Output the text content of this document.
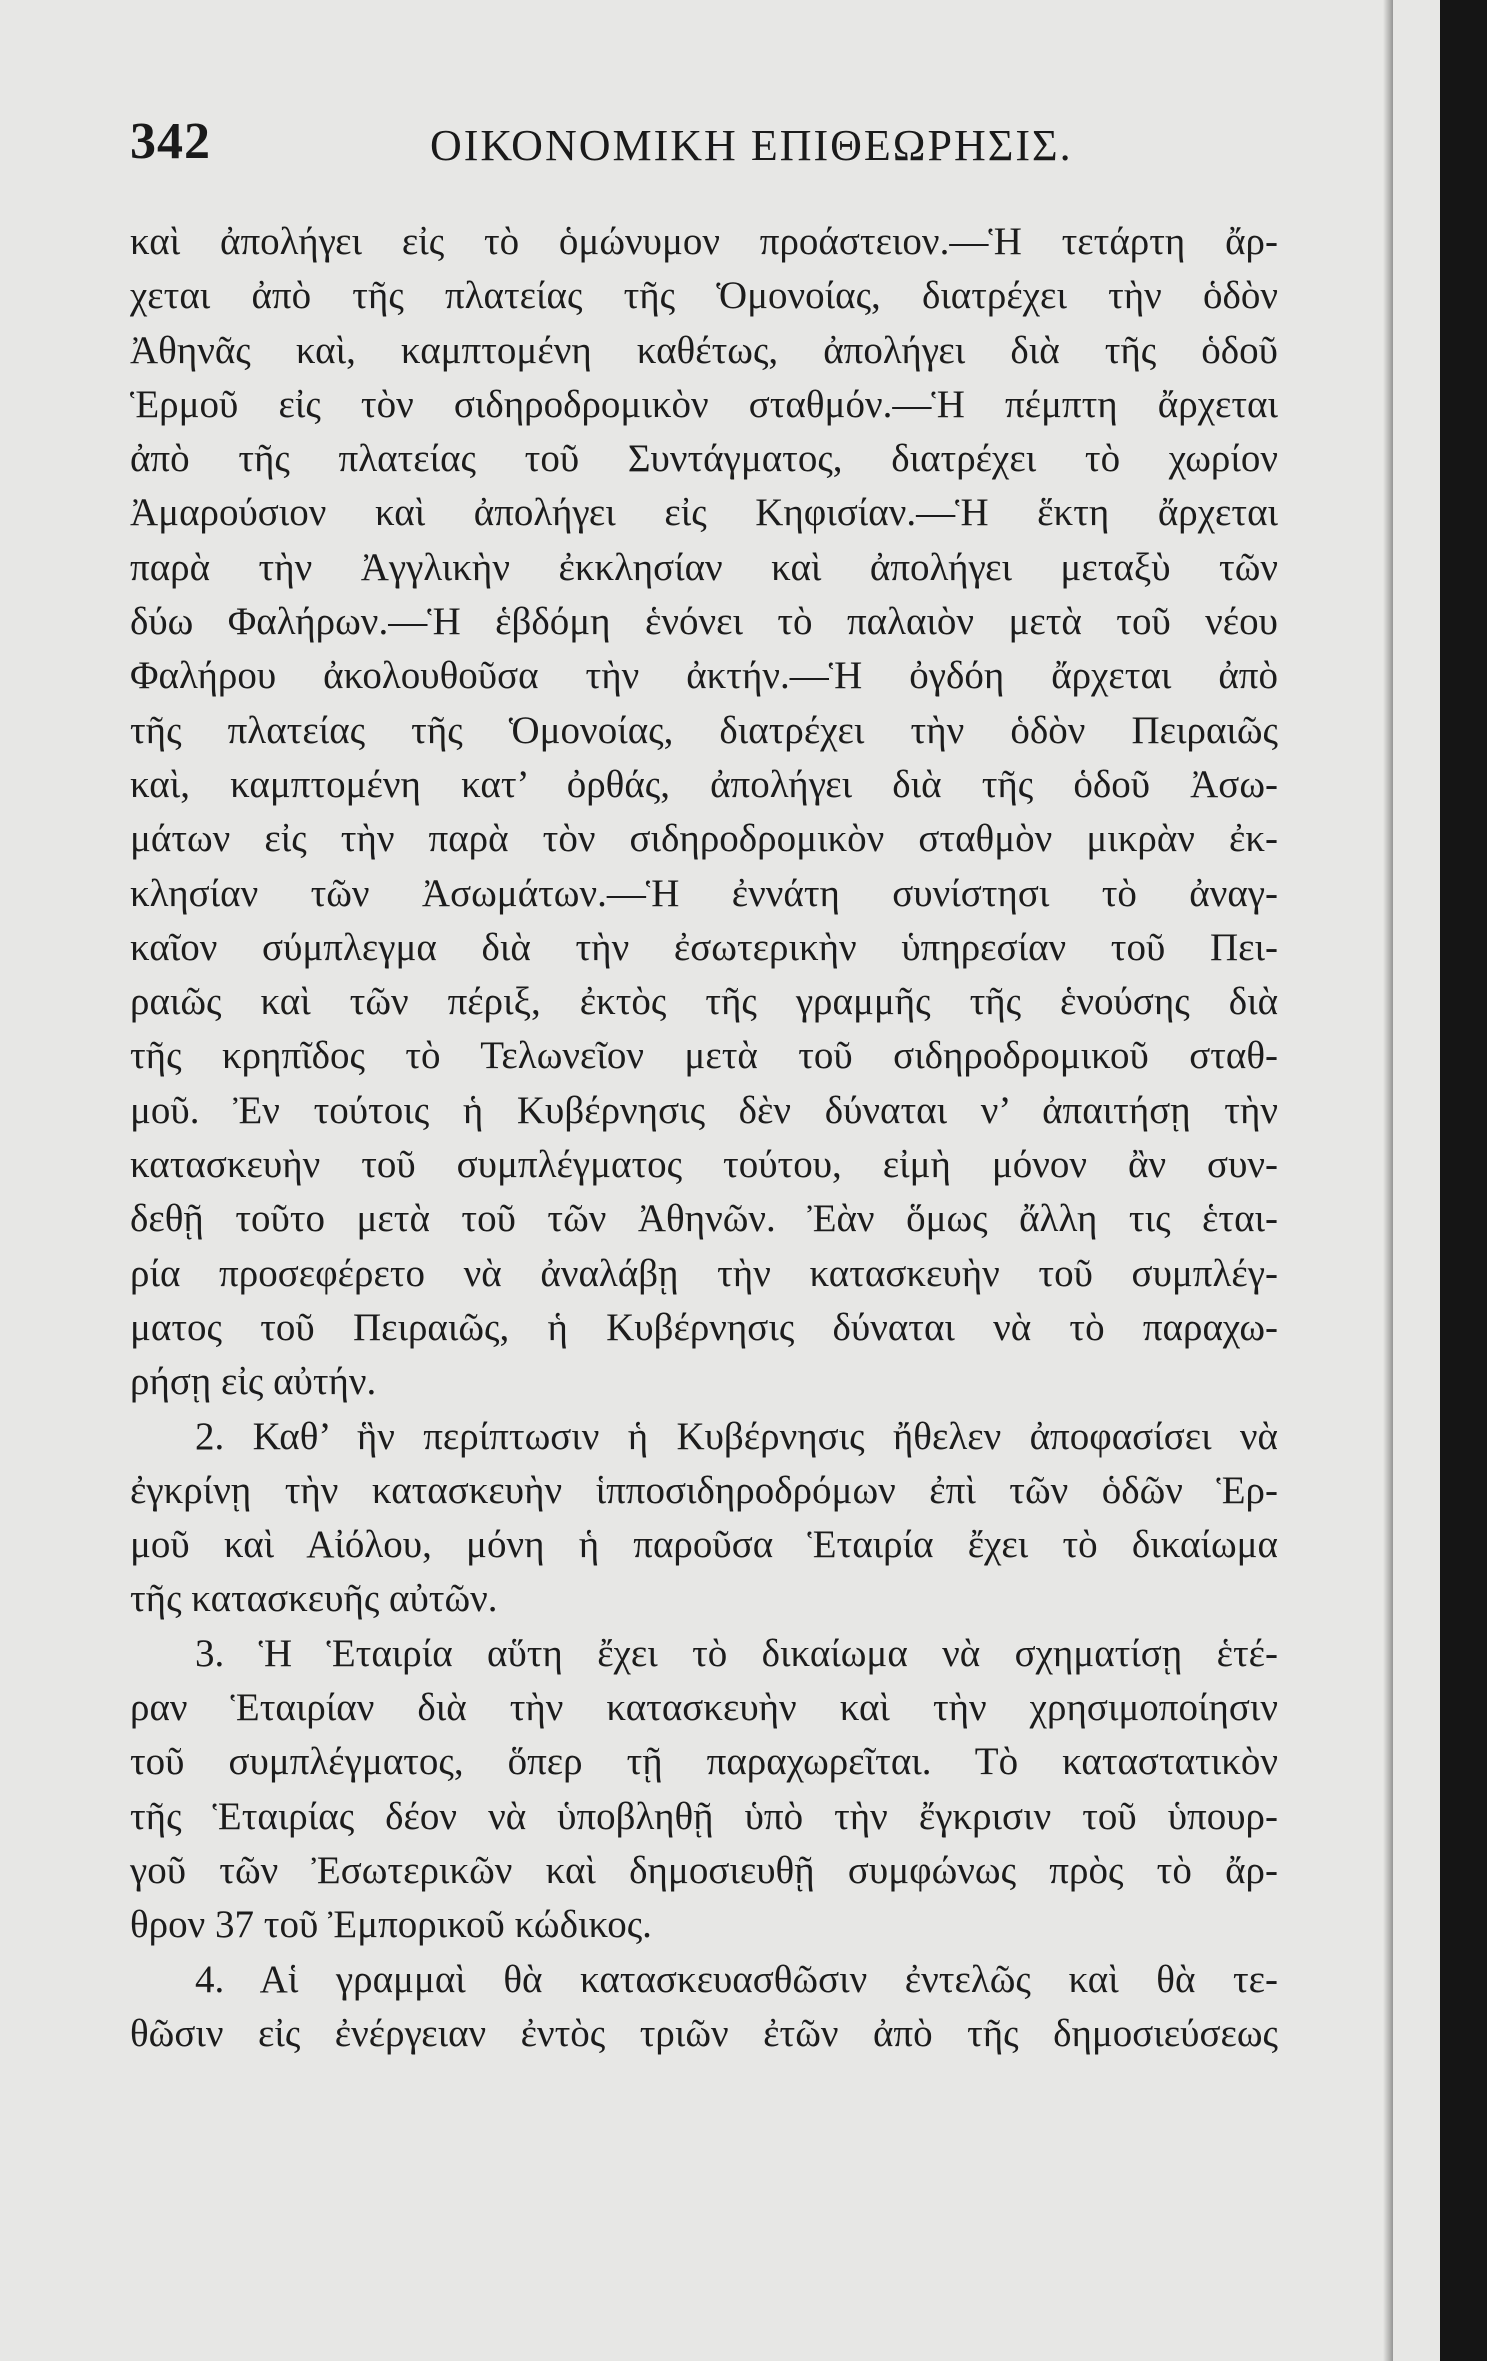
342	ΟΙΚΟΝΟΜΙΚΗ ΕΠΙΘΕΩΡΗΣΙΣ.
καὶ ἀπολήγει εἰς τὸ ὁμώνυμον προάστειον.—Ἡ τετάρτη ἄρ-
χεται ἀπὸ τῆς πλατείας τῆς Ὁμονοίας, διατρέχει τὴν ὁδὸν
Ἀθηνᾶς καὶ, καμπτομένη καθέτως, ἀπολήγει διὰ τῆς ὁδοῦ
Ἑρμοῦ εἰς τὸν σιδηροδρομικὸν σταθμόν.—Ἡ πέμπτη ἄρχεται
ἀπὸ τῆς πλατείας τοῦ Συντάγματος, διατρέχει τὸ χωρίον
Ἀμαρούσιον καὶ ἀπολήγει εἰς Κηφισίαν.—Ἡ ἕκτη ἄρχεται
παρὰ τὴν Ἀγγλικὴν ἐκκλησίαν καὶ ἀπολήγει μεταξὺ τῶν
δύω Φαλήρων.—Ἡ ἑβδόμη ἑνόνει τὸ παλαιὸν μετὰ τοῦ νέου
Φαλήρου ἀκολουθοῦσα τὴν ἀκτήν.—Ἡ ὀγδόη ἄρχεται ἀπὸ
τῆς πλατείας τῆς Ὁμονοίας, διατρέχει τὴν ὁδὸν Πειραιῶς
καὶ, καμπτομένη κατ’ ὀρθάς, ἀπολήγει διὰ τῆς ὁδοῦ Ἀσω-
μάτων εἰς τὴν παρὰ τὸν σιδηροδρομικὸν σταθμὸν μικρὰν ἐκ-
κλησίαν τῶν Ἀσωμάτων.—Ἡ ἐννάτη συνίστησι τὸ ἀναγ-
καῖον σύμπλεγμα διὰ τὴν ἐσωτερικὴν ὑπηρεσίαν τοῦ Πει-
ραιῶς καὶ τῶν πέριξ, ἐκτὸς τῆς γραμμῆς τῆς ἑνούσης διὰ
τῆς κρηπῖδος τὸ Τελωνεῖον μετὰ τοῦ σιδηροδρομικοῦ σταθ-
μοῦ. Ἐν τούτοις ἡ Κυβέρνησις δὲν δύναται ν’ ἀπαιτήσῃ τὴν
κατασκευὴν τοῦ συμπλέγματος τούτου, εἰμὴ μόνον ἂν συν-
δεθῇ τοῦτο μετὰ τοῦ τῶν Ἀθηνῶν. Ἐὰν ὅμως ἄλλη τις ἑται-
ρία προσεφέρετο νὰ ἀναλάβῃ τὴν κατασκευὴν τοῦ συμπλέγ-
ματος τοῦ Πειραιῶς, ἡ Κυβέρνησις δύναται νὰ τὸ παραχω-
ρήσῃ εἰς αὐτήν.
2. Καθ’ ἣν περίπτωσιν ἡ Κυβέρνησις ἤθελεν ἀποφασίσει νὰ
ἐγκρίνῃ τὴν κατασκευὴν ἱπποσιδηροδρόμων ἐπὶ τῶν ὁδῶν Ἑρ-
μοῦ καὶ Αἰόλου, μόνη ἡ παροῦσα Ἑταιρία ἔχει τὸ δικαίωμα
τῆς κατασκευῆς αὐτῶν.
3. Ἡ Ἑταιρία αὕτη ἔχει τὸ δικαίωμα νὰ σχηματίσῃ ἑτέ-
ραν Ἑταιρίαν διὰ τὴν κατασκευὴν καὶ τὴν χρησιμοποίησιν
τοῦ συμπλέγματος, ὅπερ τῇ παραχωρεῖται. Τὸ καταστατικὸν
τῆς Ἑταιρίας δέον νὰ ὑποβληθῇ ὑπὸ τὴν ἔγκρισιν τοῦ ὑπουρ-
γοῦ τῶν Ἐσωτερικῶν καὶ δημοσιευθῇ συμφώνως πρὸς τὸ ἄρ-
θρον 37 τοῦ Ἐμπορικοῦ κώδικος.
4. Αἱ γραμμαὶ θὰ κατασκευασθῶσιν ἐντελῶς καὶ θὰ τε-
θῶσιν εἰς ἐνέργειαν ἐντὸς τριῶν ἐτῶν ἀπὸ τῆς δημοσιεύσεως
